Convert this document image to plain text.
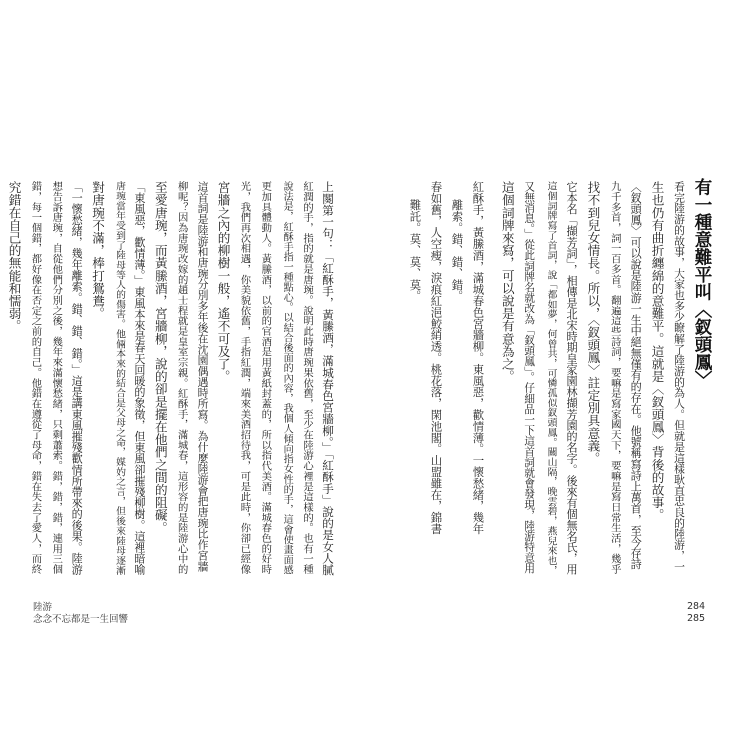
有一種意難平叫〈釵頭鳳〉
看完陸游的故事，大家也多少瞭解了陸游的為人。但就是這樣耿直忠良的陸游，一
生也仍有曲折纏綿的意難平。這就是〈釵頭鳳〉背後的故事。
〈釵頭鳳〉可以說是陸游一生中絕無僅有的存在。他號稱寫詩上萬首，至今存詩
九千多首，詞一百多首。翻遍這些詩詞，要嘛是寫家國天下，要嘛是寫日常生活，幾乎
找不到兒女情長。所以，〈釵頭鳳〉註定別具意義。
它本名「擷芳詞」，相傳是北宋時期皇家園林擷芳園的名字。後來有個無名氏，用
這個詞牌寫了首詞，說「都如夢，何曾共，可憐孤似釵頭鳳。關山隔，晚雲碧，燕兒來也，
又無消息。」從此詞牌名就改為「釵頭鳳」。仔細品一下這首詞就會發現，陸游特意用
這個詞牌來寫，可以說是有意為之。
紅酥手，黃縢酒，滿城春色宮牆柳。東風惡，歡情薄。一懷愁緒，幾年
離索。錯、錯、錯。
春如舊，人空瘦，淚痕紅浥鮫綃透。桃花落，閑池閣。山盟雖在，錦書
難託。莫、莫、莫。
上闋第一句：「紅酥手，黃縢酒，滿城春色宮牆柳。」「紅酥手」說的是女人膩
紅潤的手，指的就是唐琬。說明此時唐琬果依舊，至少在陸游心裡是這樣的。也有一種
說法是，紅酥手指一種點心。以結合後面的內容，我個人傾向指女性的手，這會使畫面感
更加具體動人。黃縢酒，以前的官酒是用黃紙封蓋的，所以指代美酒。滿城春色的好時
光，我們再次相遇，你美貌依舊，手指紅潤，端來美酒招待我，可是此時，你卻已經像
宮牆之內的柳樹一般，遙不可及了。
這首詞是陸游和唐琬分別多年後在沈園偶遇時所寫。為什麼陸游會把唐琬比作宮牆
柳呢？因為唐琬改嫁的趙士程就是皇室宗親。紅酥手，滿城春，這形容的是陸游心中的
至愛唐琬，而黃縢酒，宮牆柳，說的卻是擺在他們之間的阻礙。
「東風惡，歡情薄。」東風本來是春天回暖的象徵，但東風卻摧殘柳樹。這裡暗喻
唐琬當年受到了陸母等人的傷害。他倆本來的結合是父母之命，媒妁之言，但後來陸母逐漸
對唐琬不滿，棒打鴛鴦。
「一懷愁緒，幾年離索。錯、錯、錯。」這是講東風摧殘歡情所帶來的後果。陸游
想告訴唐琬，自從他們分別之後，幾年來滿懷愁緒，只剩蕭索。錯，錯，錯，連用三個
錯，每一個錯，都好像在否定之前的自己。他錯在遵從了母命，錯在失去了愛人，而終
究錯在自己的無能和懦弱。
284
285
陸游
念念不忘都是一生回響
